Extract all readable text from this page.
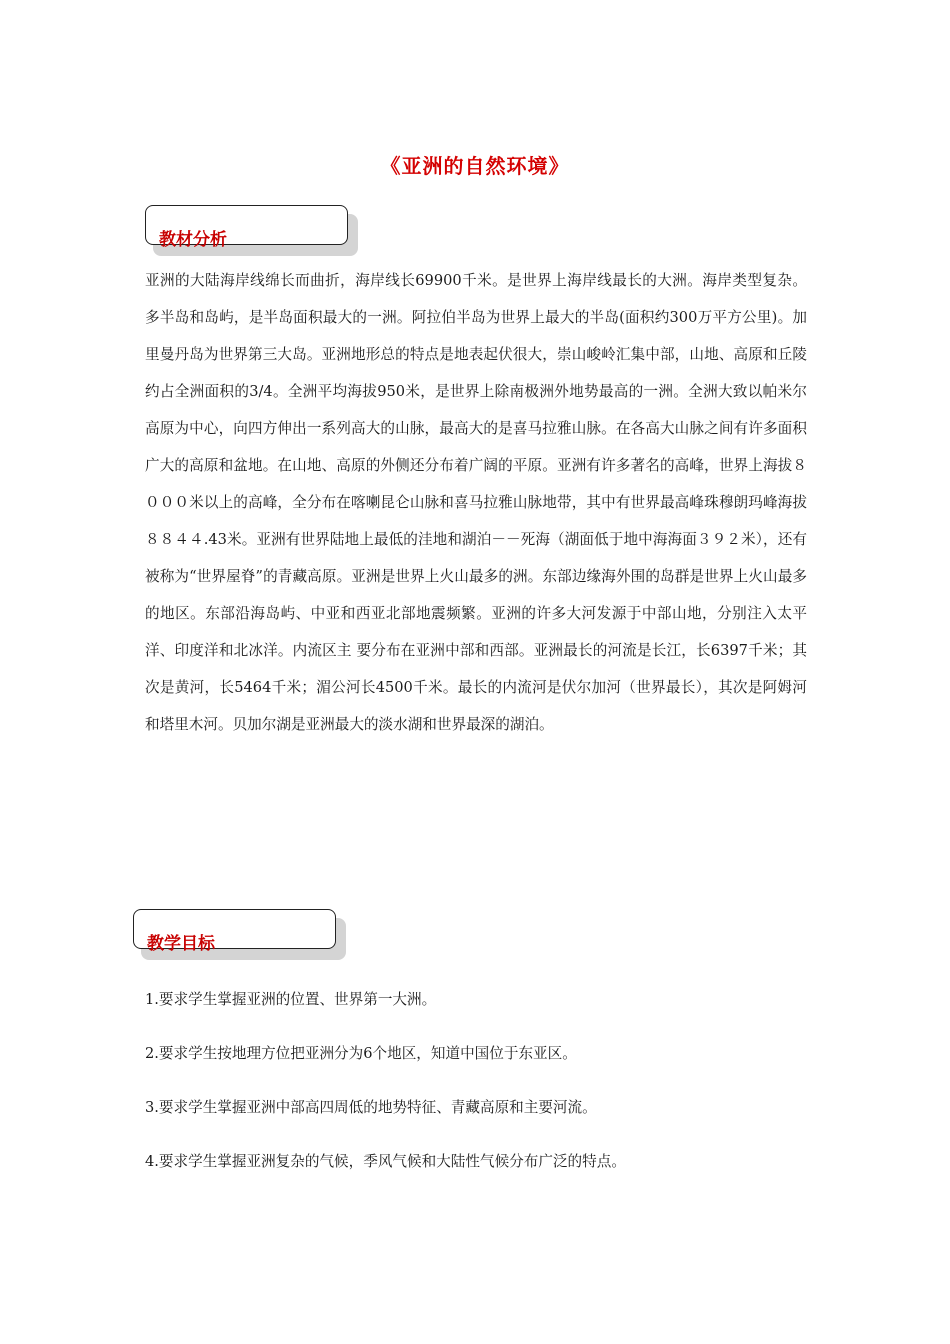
《亚洲的自然环境》
教材分析

亚洲的大陆海岸线绵长而曲折，海岸线长69900千米。是世界上海岸线最长的大洲。海岸类型复杂。 多半岛和岛屿，是半岛面积最大的一洲。阿拉伯半岛为世界上最大的半岛(面积约300万平方公里)。加里曼丹岛为世界第三大岛。亚洲地形总的特点是地表起伏很大，崇山峻岭汇集中部，山地、高原和丘陵约占全洲面积的3/4。全洲平均海拔950米，是世界上除南极洲外地势最高的一洲。全洲大致以帕米尔高原为中心，向四方伸出一系列高大的山脉，最高大的是喜马拉雅山脉。在各高大山脉之间有许多面积广大的高原和盆地。在山地、高原的外侧还分布着广阔的平原。亚洲有许多著名的高峰，世界上海拔８０００米以上的高峰，全分布在喀喇昆仑山脉和喜马拉雅山脉地带，其中有世界最高峰珠穆朗玛峰海拔８８４４.43米。亚洲有世界陆地上最低的洼地和湖泊－－死海（湖面低于地中海海面３９２米），还有被称为“世界屋脊”的青藏高原。亚洲是世界上火山最多的洲。东部边缘海外围的岛群是世界上火山最多的地区。东部沿海岛屿、中亚和西亚北部地震频繁。亚洲的许多大河发源于中部山地，分别注入太平洋、印度洋和北冰洋。内流区主 要分布在亚洲中部和西部。亚洲最长的河流是长江，长6397千米；其次是黄河，长5464千米；湄公河长4500千米。最长的内流河是伏尔加河（世界最长），其次是阿姆河和塔里木河。贝加尔湖是亚洲最大的淡水湖和世界最深的湖泊。

教学目标
1.要求学生掌握亚洲的位置、世界第一大洲。
2.要求学生按地理方位把亚洲分为6个地区，知道中国位于东亚区。
3.要求学生掌握亚洲中部高四周低的地势特征、青藏高原和主要河流。
4.要求学生掌握亚洲复杂的气候，季风气候和大陆性气候分布广泛的特点。
